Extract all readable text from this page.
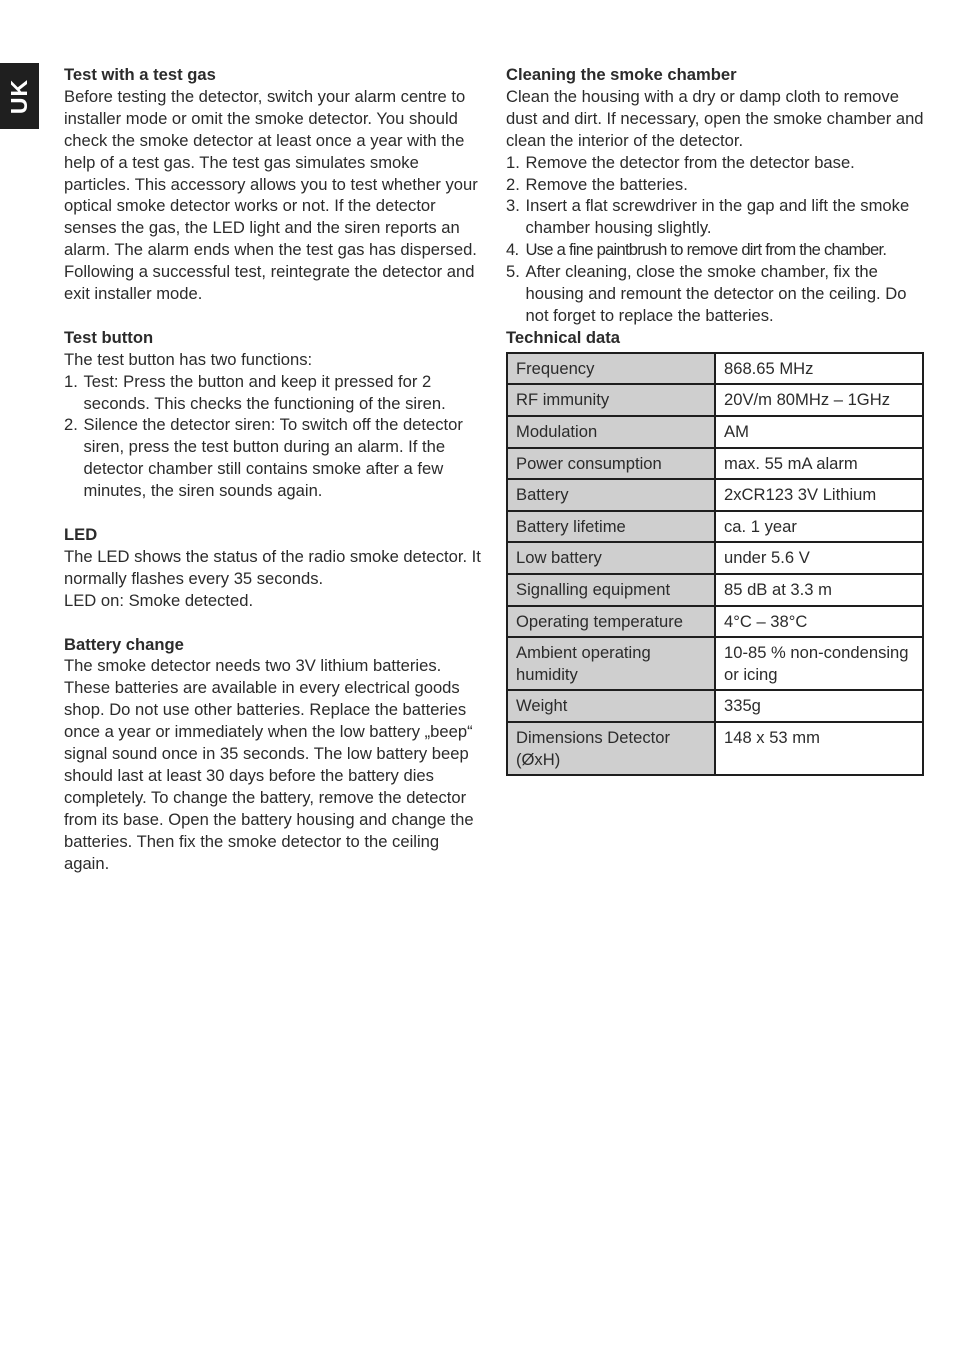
UK

Test with a test gas

Before testing the detector, switch your alarm centre to installer mode or omit the smoke detector. You should check the smoke detector at least once a year with the help of a test gas. The test gas simulates smoke particles. This accessory allows you to test whether your optical smoke detector works or not. If the detector senses the gas, the LED light and the siren reports an alarm. The alarm ends when the test gas has dispersed. Following a successful test, reintegrate the detector and exit installer mode.

Test button

The test button has two functions:

1. Test: Press the button and keep it pressed for 2 seconds. This checks the functioning of the siren.
2. Silence the detector siren: To switch off the detector siren, press the test button during an alarm. If the detector chamber still contains smoke after a few minutes, the siren sounds again.

LED

The LED shows the status of the radio smoke detector. It normally flashes every 35 seconds.

LED on: Smoke detected.

Battery change

The smoke detector needs two 3V lithium batteries. These batteries are available in every electrical goods shop. Do not use other batteries. Replace the batteries once a year or immediately when the low battery „beep“ signal sound once in 35 seconds. The low battery beep should last at least 30 days before the battery dies completely. To change the battery, remove the detector from its base. Open the battery housing and change the batteries. Then fix the smoke detector to the ceiling again.

Cleaning the smoke chamber

Clean the housing with a dry or damp cloth to remove dust and dirt. If necessary, open the smoke chamber and clean the interior of the detector.

1. Remove the detector from the detector base.
2. Remove the batteries.
3. Insert a flat screwdriver in the gap and lift the smoke chamber housing slightly.
4. Use a fine paintbrush to remove dirt from the chamber.
5. After cleaning, close the smoke chamber, fix the housing and remount the detector on the ceiling. Do not forget to replace the batteries.

Technical data

Frequency	868.65 MHz
RF immunity	20V/m 80MHz – 1GHz
Modulation	AM
Power consumption	max. 55 mA alarm
Battery	2xCR123 3V Lithium
Battery lifetime	ca. 1 year
Low battery	under 5.6 V
Signalling equipment	85 dB at 3.3 m
Operating temperature	4°C – 38°C
Ambient operating humidity	10-85 % non-condensing or icing
Weight	335g
Dimensions Detector (ØxH)	148 x 53 mm
